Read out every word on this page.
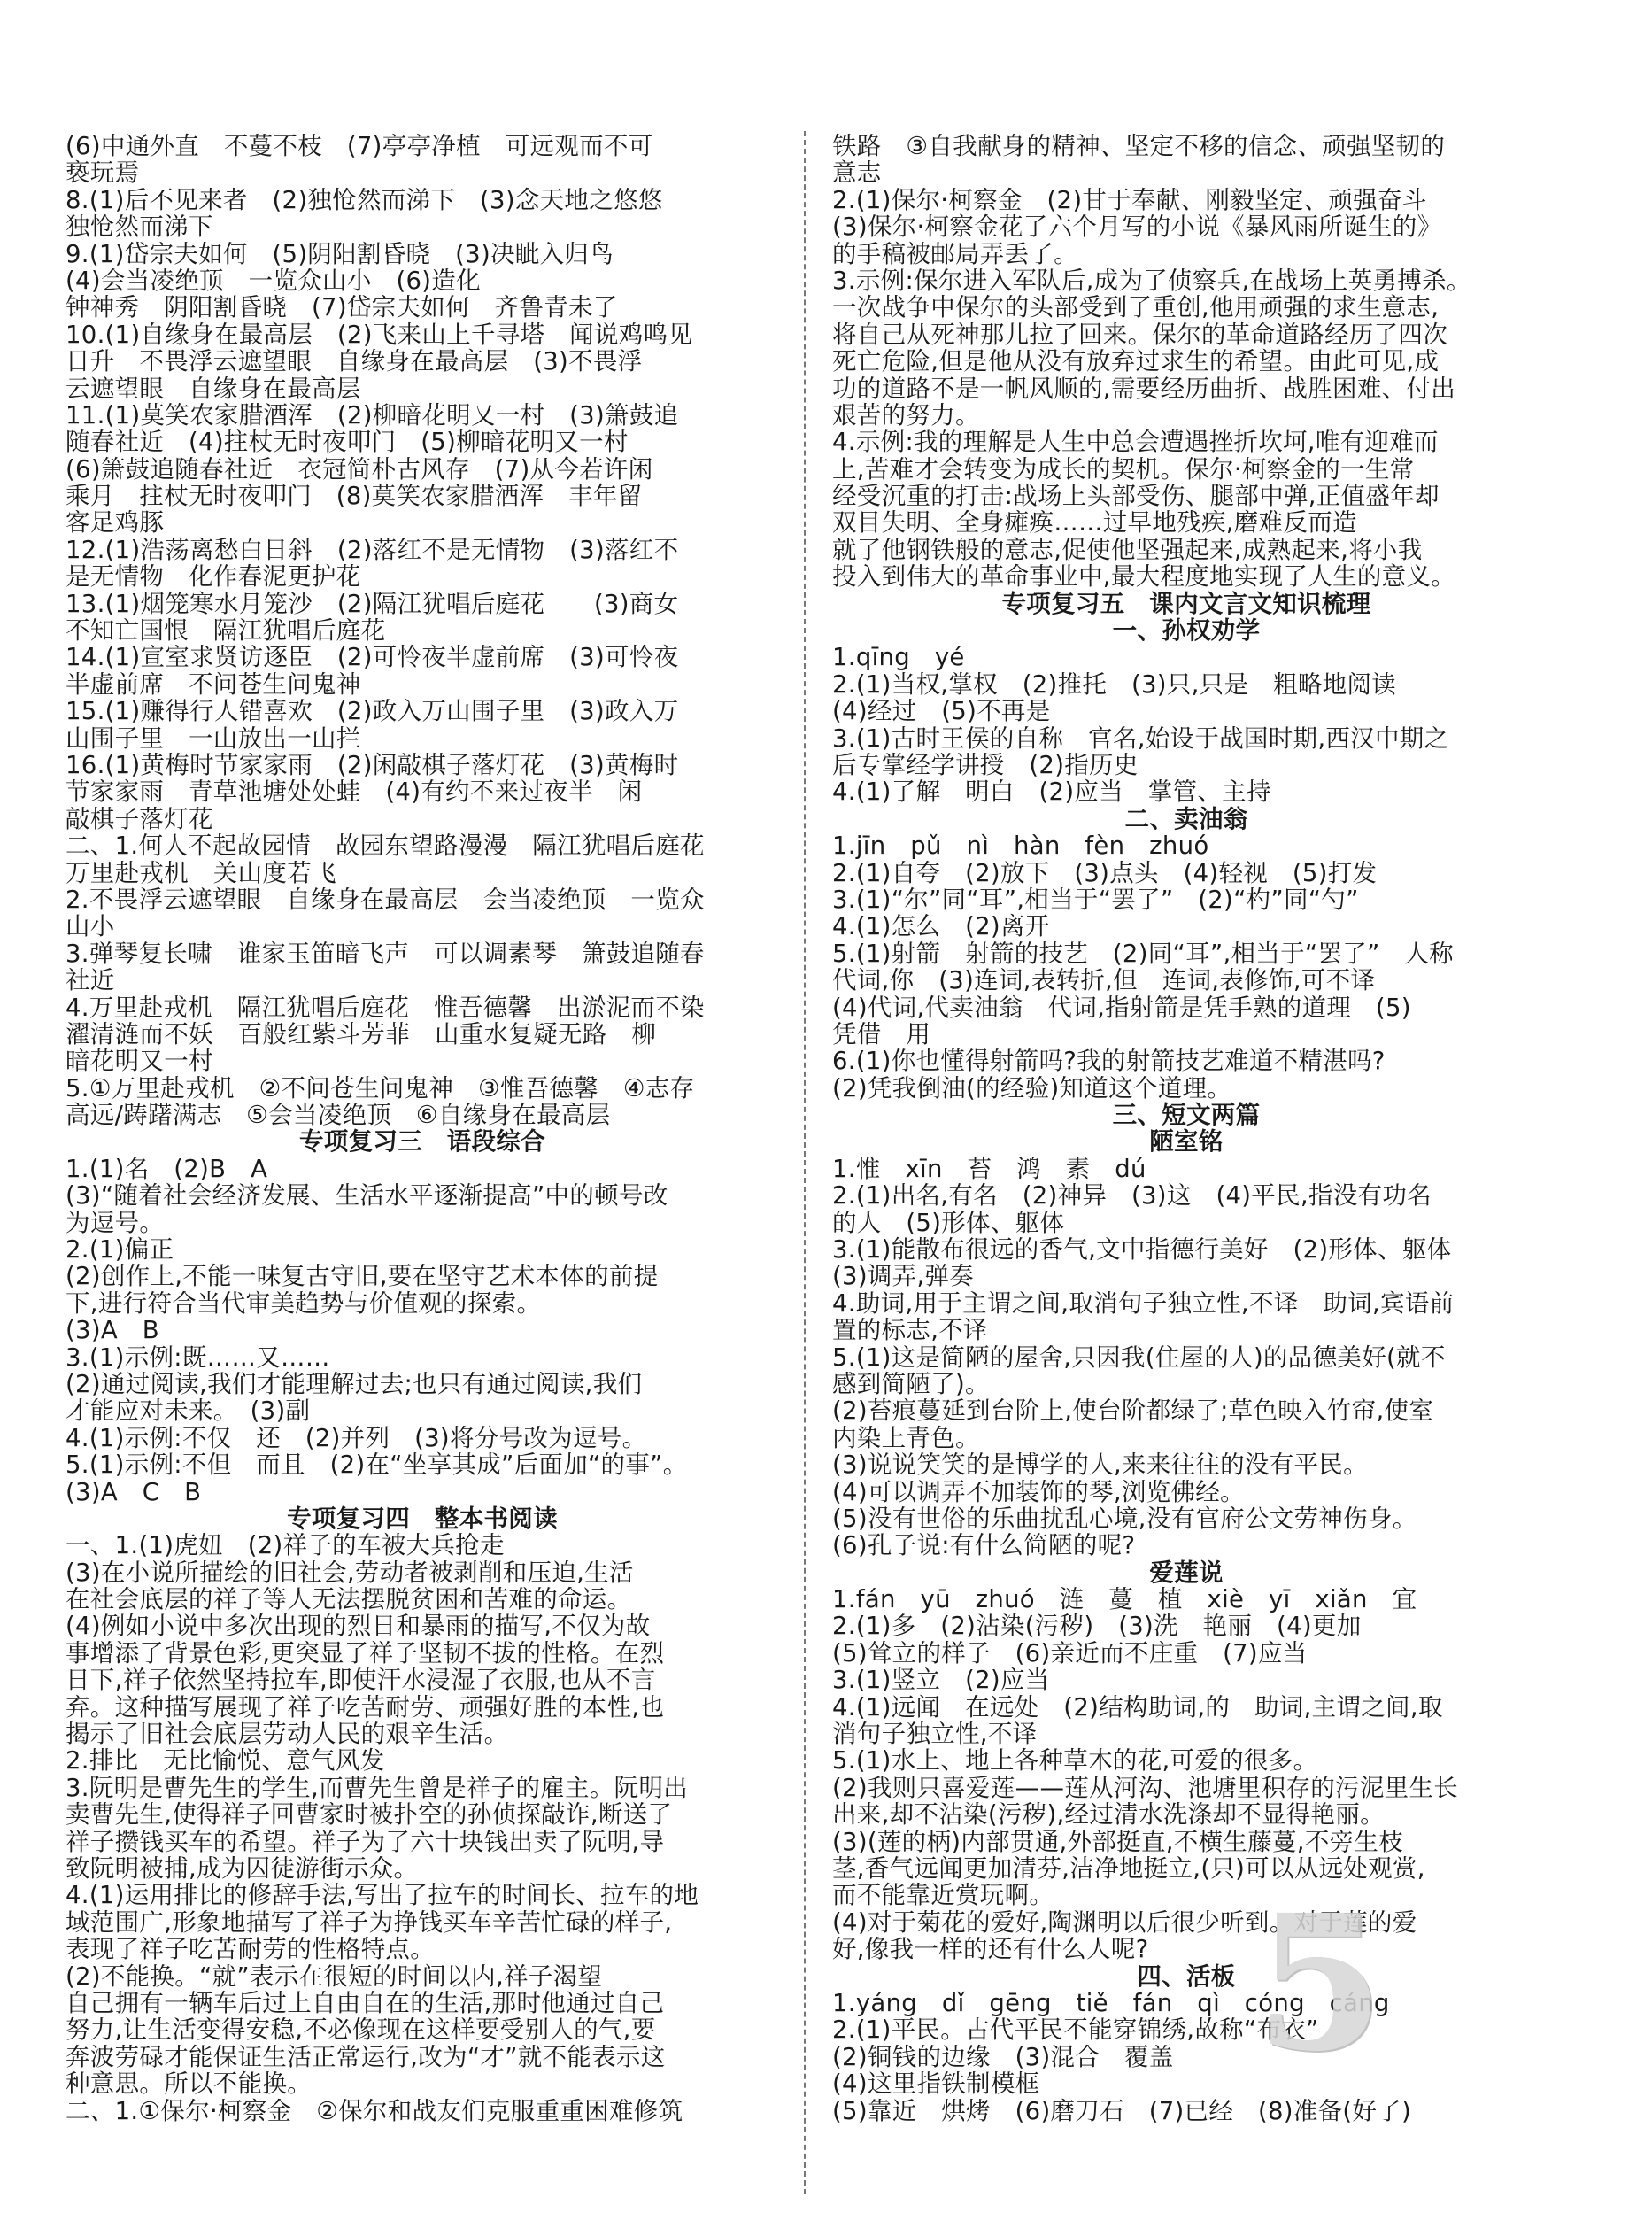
(6)中通外直　不蔓不枝　(7)亭亭净植　可远观而不可
亵玩焉
8.(1)后不见来者　(2)独怆然而涕下　(3)念天地之悠悠
独怆然而涕下
9.(1)岱宗夫如何　(5)阴阳割昏晓　(3)决眦入归鸟
(4)会当凌绝顶　一览众山小　(6)造化
钟神秀　阴阳割昏晓　(7)岱宗夫如何　齐鲁青未了
10.(1)自缘身在最高层　(2)飞来山上千寻塔　闻说鸡鸣见
日升　不畏浮云遮望眼　自缘身在最高层　(3)不畏浮
云遮望眼　自缘身在最高层
11.(1)莫笑农家腊酒浑　(2)柳暗花明又一村　(3)箫鼓追
随春社近　(4)拄杖无时夜叩门　(5)柳暗花明又一村
(6)箫鼓追随春社近　衣冠简朴古风存　(7)从今若许闲
乘月　拄杖无时夜叩门　(8)莫笑农家腊酒浑　丰年留
客足鸡豚
12.(1)浩荡离愁白日斜　(2)落红不是无情物　(3)落红不
是无情物　化作春泥更护花
13.(1)烟笼寒水月笼沙　(2)隔江犹唱后庭花　　(3)商女
不知亡国恨　隔江犹唱后庭花
14.(1)宣室求贤访逐臣　(2)可怜夜半虚前席　(3)可怜夜
半虚前席　不问苍生问鬼神
15.(1)赚得行人错喜欢　(2)政入万山围子里　(3)政入万
山围子里　一山放出一山拦
16.(1)黄梅时节家家雨　(2)闲敲棋子落灯花　(3)黄梅时
节家家雨　青草池塘处处蛙　(4)有约不来过夜半　闲
敲棋子落灯花
二、1.何人不起故园情　故园东望路漫漫　隔江犹唱后庭花
万里赴戎机　关山度若飞
2.不畏浮云遮望眼　自缘身在最高层　会当凌绝顶　一览众
山小
3.弹琴复长啸　谁家玉笛暗飞声　可以调素琴　箫鼓追随春
社近
4.万里赴戎机　隔江犹唱后庭花　惟吾德馨　出淤泥而不染
濯清涟而不妖　百般红紫斗芳菲　山重水复疑无路　柳
暗花明又一村
5.①万里赴戎机　②不问苍生问鬼神　③惟吾德馨　④志存
高远/踌躇满志　⑤会当凌绝顶　⑥自缘身在最高层
专项复习三　语段综合
1.(1)名　(2)B　A
(3)“随着社会经济发展、生活水平逐渐提高”中的顿号改
为逗号。
2.(1)偏正
(2)创作上,不能一味复古守旧,要在坚守艺术本体的前提
下,进行符合当代审美趋势与价值观的探索。
(3)A　B
3.(1)示例:既……又……
(2)通过阅读,我们才能理解过去;也只有通过阅读,我们
才能应对未来。　(3)副
4.(1)示例:不仅　还　(2)并列　(3)将分号改为逗号。
5.(1)示例:不但　而且　(2)在“坐享其成”后面加“的事”。
(3)A　C　B
专项复习四　整本书阅读
一、1.(1)虎妞　(2)祥子的车被大兵抢走
(3)在小说所描绘的旧社会,劳动者被剥削和压迫,生活
在社会底层的祥子等人无法摆脱贫困和苦难的命运。
(4)例如小说中多次出现的烈日和暴雨的描写,不仅为故
事增添了背景色彩,更突显了祥子坚韧不拔的性格。在烈
日下,祥子依然坚持拉车,即使汗水浸湿了衣服,也从不言
弃。这种描写展现了祥子吃苦耐劳、顽强好胜的本性,也
揭示了旧社会底层劳动人民的艰辛生活。
2.排比　无比愉悦、意气风发
3.阮明是曹先生的学生,而曹先生曾是祥子的雇主。阮明出
卖曹先生,使得祥子回曹家时被扑空的孙侦探敲诈,断送了
祥子攒钱买车的希望。祥子为了六十块钱出卖了阮明,导
致阮明被捕,成为囚徒游街示众。
4.(1)运用排比的修辞手法,写出了拉车的时间长、拉车的地
域范围广,形象地描写了祥子为挣钱买车辛苦忙碌的样子,
表现了祥子吃苦耐劳的性格特点。
(2)不能换。“就”表示在很短的时间以内,祥子渴望
自己拥有一辆车后过上自由自在的生活,那时他通过自己
努力,让生活变得安稳,不必像现在这样要受别人的气,要
奔波劳碌才能保证生活正常运行,改为“才”就不能表示这
种意思。所以不能换。
二、1.①保尔·柯察金　②保尔和战友们克服重重困难修筑
铁路　③自我献身的精神、坚定不移的信念、顽强坚韧的
意志
2.(1)保尔·柯察金　(2)甘于奉献、刚毅坚定、顽强奋斗
(3)保尔·柯察金花了六个月写的小说《暴风雨所诞生的》
的手稿被邮局弄丢了。
3.示例:保尔进入军队后,成为了侦察兵,在战场上英勇搏杀。
一次战争中保尔的头部受到了重创,他用顽强的求生意志,
将自己从死神那儿拉了回来。保尔的革命道路经历了四次
死亡危险,但是他从没有放弃过求生的希望。由此可见,成
功的道路不是一帆风顺的,需要经历曲折、战胜困难、付出
艰苦的努力。
4.示例:我的理解是人生中总会遭遇挫折坎坷,唯有迎难而
上,苦难才会转变为成长的契机。保尔·柯察金的一生常
经受沉重的打击:战场上头部受伤、腿部中弹,正值盛年却
双目失明、全身瘫痪……过早地残疾,磨难反而造
就了他钢铁般的意志,促使他坚强起来,成熟起来,将小我
投入到伟大的革命事业中,最大程度地实现了人生的意义。
专项复习五　课内文言文知识梳理
一、孙权劝学
1.qīng　yé
2.(1)当权,掌权　(2)推托　(3)只,只是　粗略地阅读
(4)经过　(5)不再是
3.(1)古时王侯的自称　官名,始设于战国时期,西汉中期之
后专掌经学讲授　(2)指历史
4.(1)了解　明白　(2)应当　掌管、主持
二、卖油翁
1.jīn　pǔ　nì　hàn　fèn　zhuó
2.(1)自夸　(2)放下　(3)点头　(4)轻视　(5)打发
3.(1)“尔”同“耳”,相当于“罢了”　(2)“杓”同“勺”
4.(1)怎么　(2)离开
5.(1)射箭　射箭的技艺　(2)同“耳”,相当于“罢了”　人称
代词,你　(3)连词,表转折,但　连词,表修饰,可不译
(4)代词,代卖油翁　代词,指射箭是凭手熟的道理　(5)
凭借　用
6.(1)你也懂得射箭吗?我的射箭技艺难道不精湛吗?
(2)凭我倒油(的经验)知道这个道理。
三、短文两篇
陋室铭
1.惟　xīn　苔　鸿　素　dú
2.(1)出名,有名　(2)神异　(3)这　(4)平民,指没有功名
的人　(5)形体、躯体
3.(1)能散布很远的香气,文中指德行美好　(2)形体、躯体
(3)调弄,弹奏
4.助词,用于主谓之间,取消句子独立性,不译　助词,宾语前
置的标志,不译
5.(1)这是简陋的屋舍,只因我(住屋的人)的品德美好(就不
感到简陋了)。
(2)苔痕蔓延到台阶上,使台阶都绿了;草色映入竹帘,使室
内染上青色。
(3)说说笑笑的是博学的人,来来往往的没有平民。
(4)可以调弄不加装饰的琴,浏览佛经。
(5)没有世俗的乐曲扰乱心境,没有官府公文劳神伤身。
(6)孔子说:有什么简陋的呢?
爱莲说
1.fán　yū　zhuó　涟　蔓　植　xiè　yī　xiǎn　宜
2.(1)多　(2)沾染(污秽)　(3)洗　艳丽　(4)更加
(5)耸立的样子　(6)亲近而不庄重　(7)应当
3.(1)竖立　(2)应当
4.(1)远闻　在远处　(2)结构助词,的　助词,主谓之间,取
消句子独立性,不译
5.(1)水上、地上各种草木的花,可爱的很多。
(2)我则只喜爱莲——莲从河沟、池塘里积存的污泥里生长
出来,却不沾染(污秽),经过清水洗涤却不显得艳丽。
(3)(莲的柄)内部贯通,外部挺直,不横生藤蔓,不旁生枝
茎,香气远闻更加清芬,洁净地挺立,(只)可以从远处观赏,
而不能靠近赏玩啊。
(4)对于菊花的爱好,陶渊明以后很少听到。对于莲的爱
好,像我一样的还有什么人呢?
四、活板
1.yáng　dǐ　gēng　tiě　fán　qì　cóng　cáng
2.(1)平民。古代平民不能穿锦绣,故称“布衣”
(2)铜钱的边缘　(3)混合　覆盖
(4)这里指铁制模框
(5)靠近　烘烤　(6)磨刀石　(7)已经　(8)准备(好了)
5
